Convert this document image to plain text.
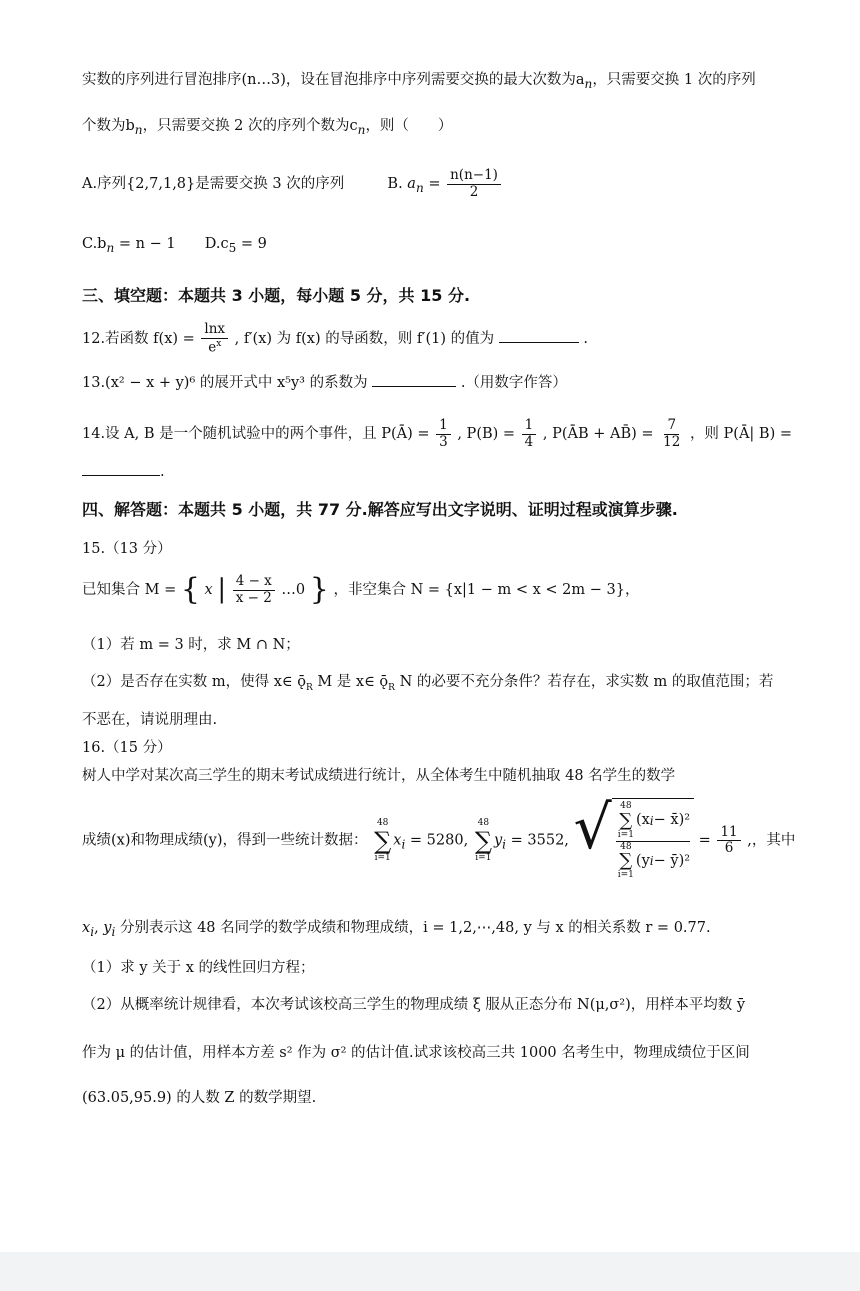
实数的序列进行冒泡排序(n…3)，设在冒泡排序中序列需要交换的最大次数为$a_n$，只需要交换 1 次的序列
个数为$b_n$，只需要交换 2 次的序列个数为$c_n$，则（　　）
A.序列{2,7,1,8}是需要交换 3 次的序列	B. $a_n = \frac{n(n-1)}{2}$
$C.b_n = n - 1$ $D.c_5 = 9$
三、填空题：本题共 3 小题，每小题 5 分，共 15 分.
12.若函数 $f(x) = \frac{\ln x}{e^x}$ , f′(x) 为 f(x) 的导函数，则 f′(1) 的值为	.
13.(x² − x + y)⁶ 的展开式中 x⁵y³ 的系数为	.（用数字作答）
14.设 A, B 是一个随机试验中的两个事件，且 P(Ā) = $\frac{1}{3}$ , $P(B) = \frac{1}{4}$ , P(ĀB + AB̄) = $\frac{7}{12}$ ，则 P(Ā| B) =
.
四、解答题：本题共 5 小题，共 77 分.解答应写出文字说明、证明过程或演算步骤.
15.（13 分）
已知集合 M = { x | $\frac{4 - x}{x - 2}$ …0 } ，非空集合 N = {x|1 − m < x < 2m − 3}，
（1）若 m = 3 时，求 M ∩ N；
（2）是否存在实数 m，使得 x∈ $ǭ_R$ M 是 x∈ $ǭ_R$ N 的必要不充分条件？若存在，求实数 m 的取值范围；若
不恶在，请说朋理由.
16.（15 分）
树人中学对某次高三学生的期末考试成绩进行统计，从全体考生中随机抽取 48 名学生的数学
成绩(x)和物理成绩(y)，得到一些统计数据：
48
∑
i=1
$x_i = 5280$,
48
∑
i=1
$y_i = 3552$, √ 48
∑
i=1
(x i − x̄)²
48
∑
i=1
(y i − ȳ)²
= $\frac{11}{6}$ ,，其中
$x_i$, $y_i$ 分别表示这 48 名同学的数学成绩和物理成绩，i = 1,2,⋯,48, y 与 x 的相关系数 r = 0.77.
（1）求 y 关于 x 的线性回归方程；
（2）从概率统计规律看，本次考试该校高三学生的物理成绩 ξ 服从正态分布 N(μ,σ²)，用样本平均数 ȳ
作为 μ 的估计值，用样本方差 s² 作为 σ² 的估计值.试求该校高三共 1000 名考生中，物理成绩位于区间
(63.05,95.9) 的人数 Z 的数学期望.
